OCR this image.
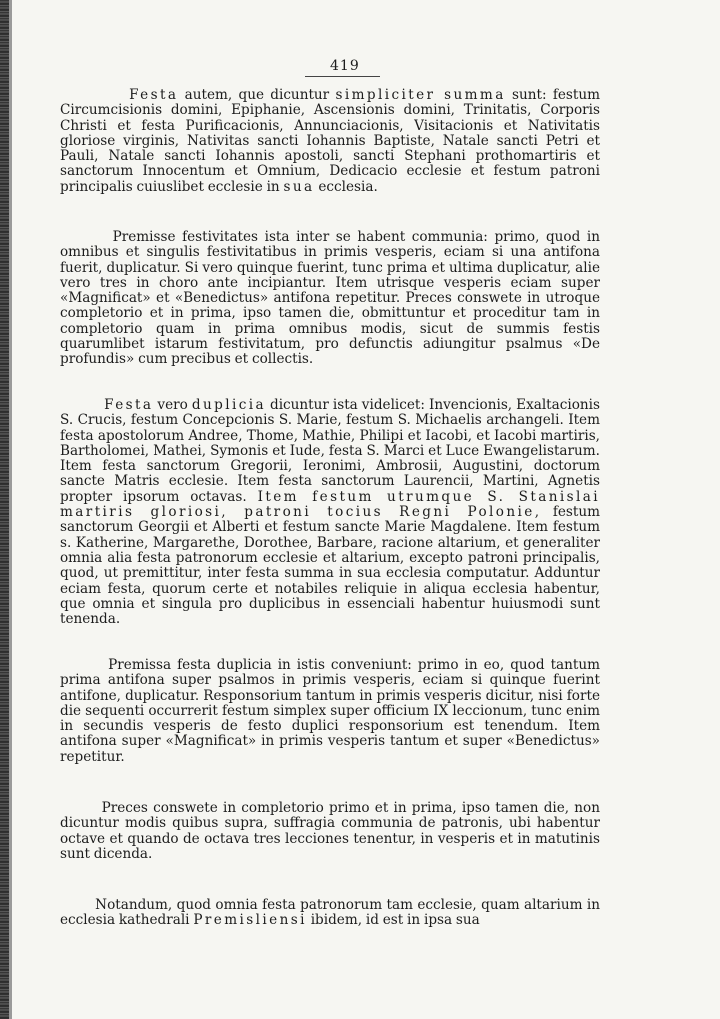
419

Festa autem, que dicuntur simpliciter summa sunt: festum Circumcisionis domini, Epiphanie, Ascensionis domini, Trinitatis, Corporis Christi et festa Purificacionis, Annunciacionis, Visitacionis et Nativitatis gloriose virginis, Nativitas sancti Iohannis Baptiste, Natale sancti Petri et Pauli, Natale sancti Iohannis apostoli, sancti Stephani prothomartiris et sanctorum Innocentum et Omnium, Dedicacio ecclesie et festum patroni principalis cuiuslibet ecclesie in sua ecclesia.

Premisse festivitates ista inter se habent communia: primo, quod in omnibus et singulis festivitatibus in primis vesperis, eciam si una antifona fuerit, duplicatur. Si vero quinque fuerint, tunc prima et ultima duplicatur, alie vero tres in choro ante incipiantur. Item utrisque vesperis eciam super «Magnificat» et «Benedictus» antifona repetitur. Preces conswete in utroque completorio et in prima, ipso tamen die, obmittuntur et proceditur tam in completorio quam in prima omnibus modis, sicut de summis festis quarumlibet istarum festivitatum, pro defunctis adiungitur psalmus «De profundis» cum precibus et collectis.

Festa vero duplicia dicuntur ista videlicet: Invencionis, Exaltacionis S. Crucis, festum Concepcionis S. Marie, festum S. Michaelis archangeli. Item festa apostolorum Andree, Thome, Mathie, Philipi et Iacobi, et Iacobi martiris, Bartholomei, Mathei, Symonis et Iude, festa S. Marci et Luce Ewangelistarum. Item festa sanctorum Gregorii, Ieronimi, Ambrosii, Augustini, doctorum sancte Matris ecclesie. Item festa sanctorum Laurencii, Martini, Agnetis propter ipsorum octavas. Item festum utrumque S. Stanislai martiris gloriosi, patroni tocius Regni Polonie, festum sanctorum Georgii et Alberti et festum sancte Marie Magdalene. Item festum s. Katherine, Margarethe, Dorothee, Barbare, racione altarium, et generaliter omnia alia festa patronorum ecclesie et altarium, excepto patroni principalis, quod, ut premittitur, inter festa summa in sua ecclesia computatur. Adduntur eciam festa, quorum certe et notabiles reliquie in aliqua ecclesia habentur, que omnia et singula pro duplicibus in essenciali habentur huiusmodi sunt tenenda.

Premissa festa duplicia in istis conveniunt: primo in eo, quod tantum prima antifona super psalmos in primis vesperis, eciam si quinque fuerint antifone, duplicatur. Responsorium tantum in primis vesperis dicitur, nisi forte die sequenti occurrerit festum simplex super officium IX leccionum, tunc enim in secundis vesperis de festo duplici responsorium est tenendum. Item antifona super «Magnificat» in primis vesperis tantum et super «Benedictus» repetitur.

Preces conswete in completorio primo et in prima, ipso tamen die, non dicuntur modis quibus supra, suffragia communia de patronis, ubi habentur octave et quando de octava tres lecciones tenentur, in vesperis et in matutinis sunt dicenda.

Notandum, quod omnia festa patronorum tam ecclesie, quam altarium in ecclesia kathedrali Premisliensi ibidem, id est in ipsa sua
